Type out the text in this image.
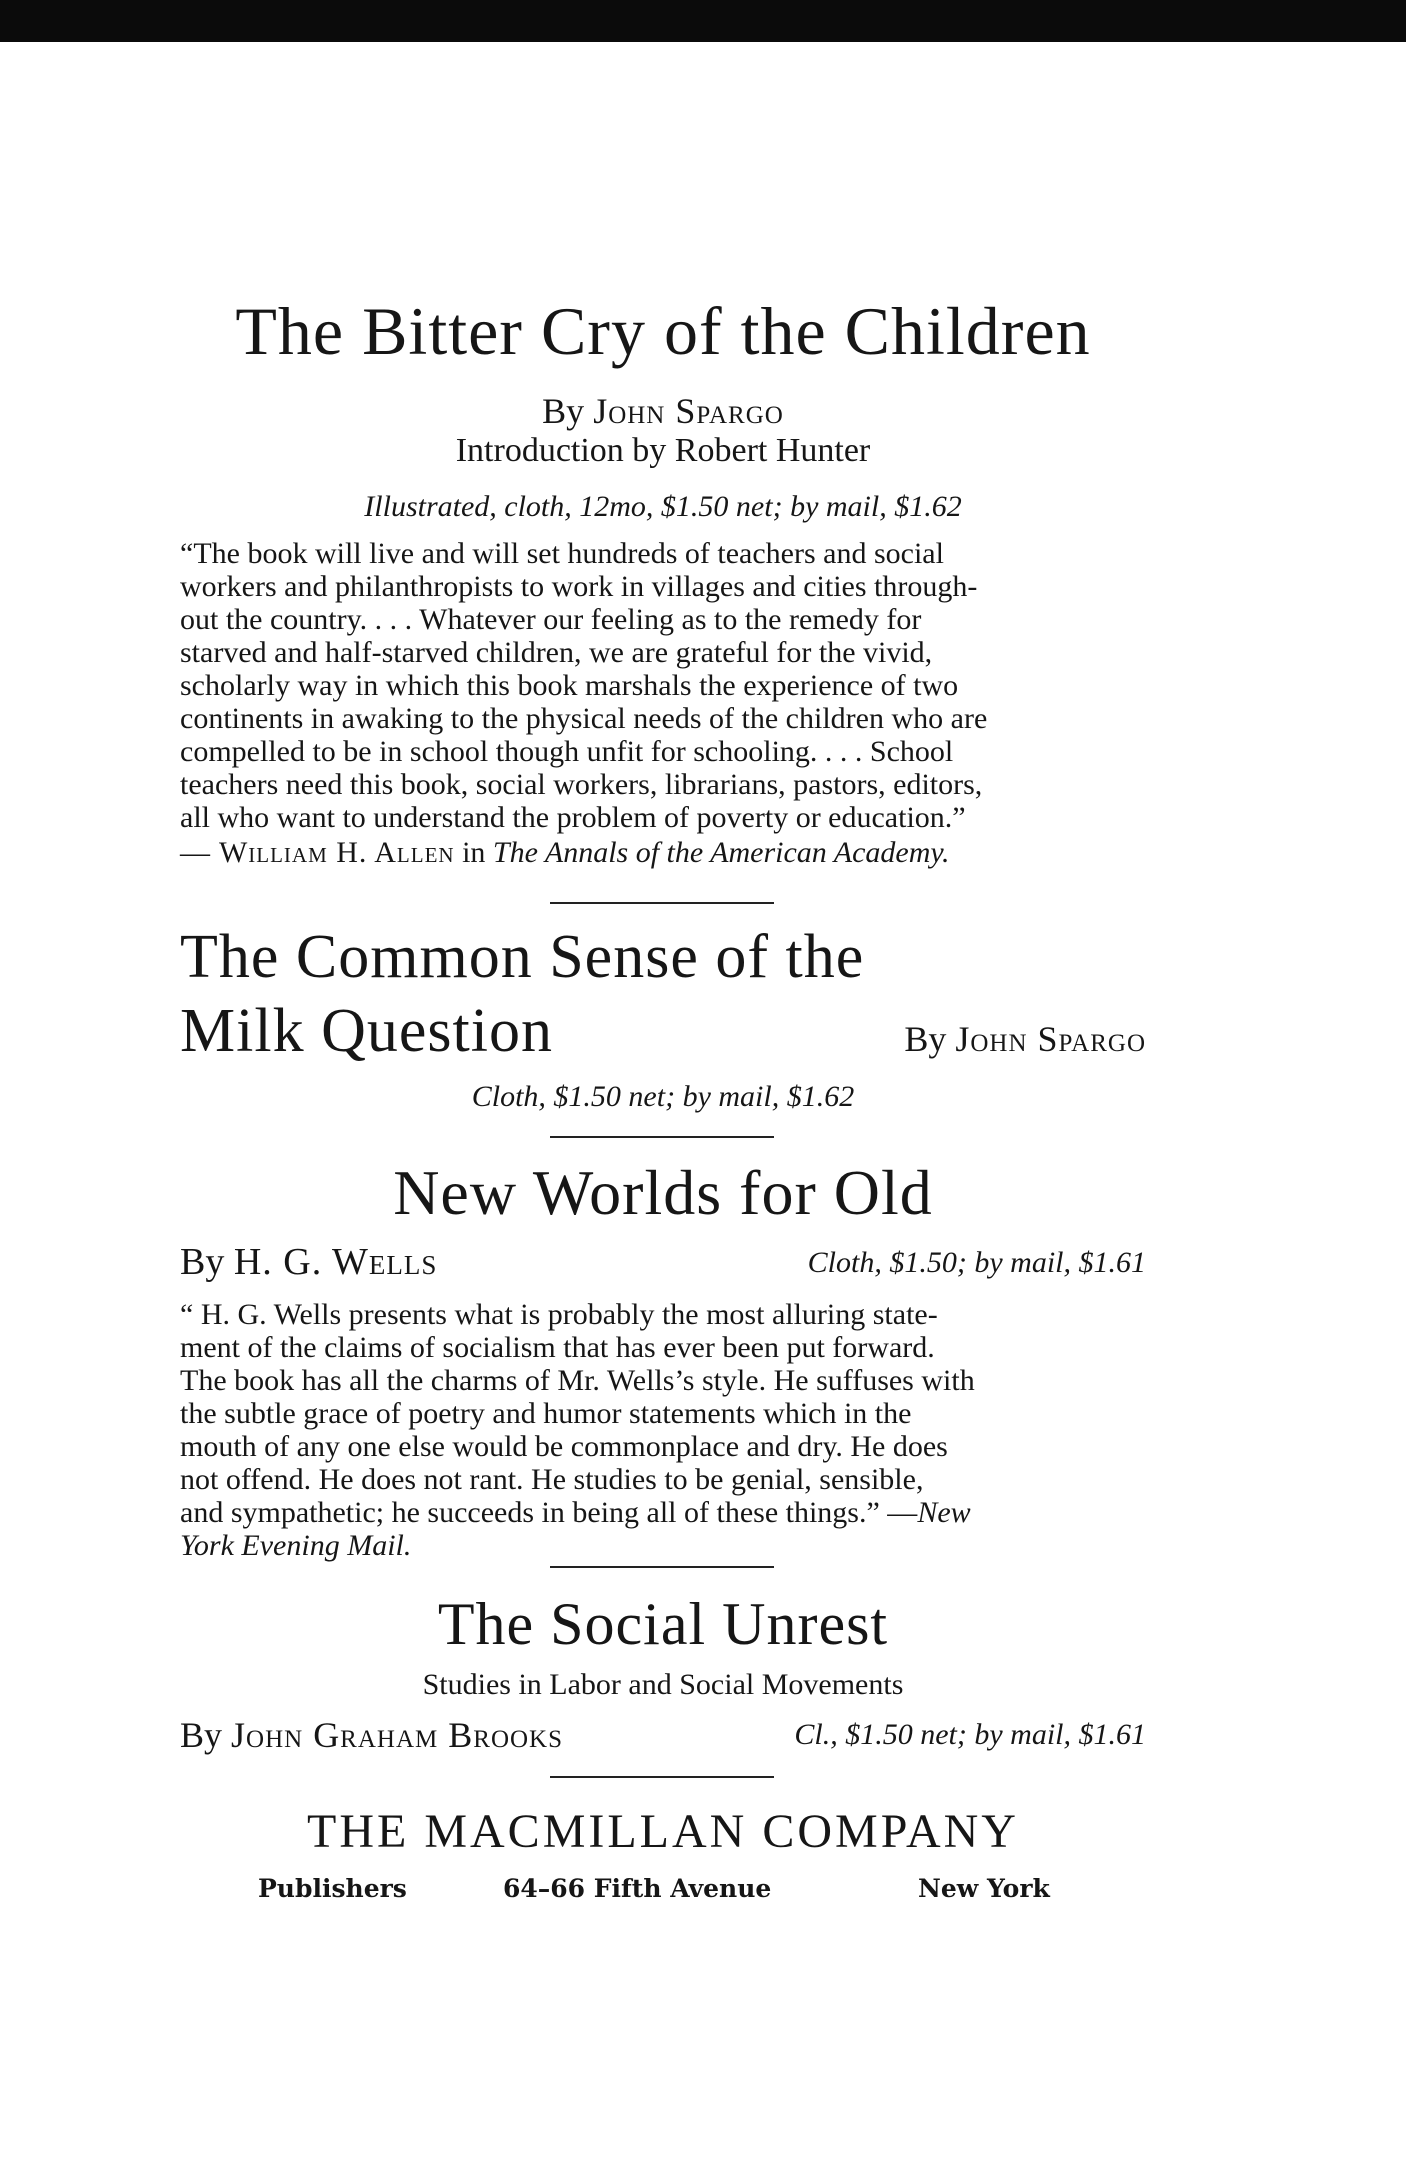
The Bitter Cry of the Children
By John Spargo
Introduction by Robert Hunter
Illustrated, cloth, 12mo, $1.50 net; by mail, $1.62
“The book will live and will set hundreds of teachers and social
workers and philanthropists to work in villages and cities through-
out the country. . . . Whatever our feeling as to the remedy for
starved and half-starved children, we are grateful for the vivid,
scholarly way in which this book marshals the experience of two
continents in awaking to the physical needs of the children who are
compelled to be in school though unfit for schooling. . . . School
teachers need this book, social workers, librarians, pastors, editors,
all who want to understand the problem of poverty or education.”
— William H. Allen in The Annals of the American Academy.
The Common Sense of the
Milk Question	By John Spargo
Cloth, $1.50 net; by mail, $1.62
New Worlds for Old
By H. G. Wells	Cloth, $1.50; by mail, $1.61
“ H. G. Wells presents what is probably the most alluring state-
ment of the claims of socialism that has ever been put forward.
The book has all the charms of Mr. Wells’s style. He suffuses with
the subtle grace of poetry and humor statements which in the
mouth of any one else would be commonplace and dry. He does
not offend. He does not rant. He studies to be genial, sensible,
and sympathetic; he succeeds in being all of these things.” —New
York Evening Mail.
The Social Unrest
Studies in Labor and Social Movements
By John Graham Brooks	Cl., $1.50 net; by mail, $1.61
THE MACMILLAN COMPANY
Publishers	64–66 Fifth Avenue	New York
